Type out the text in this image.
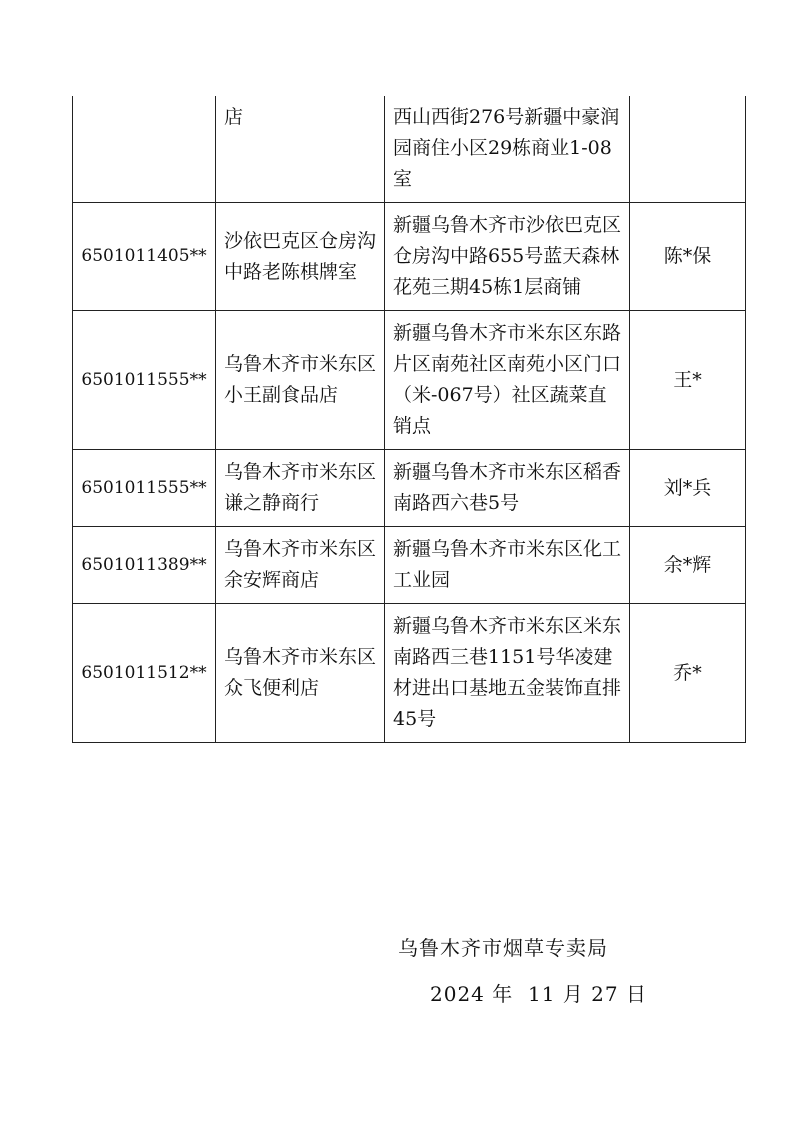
	店	西山西街276号新疆中豪润园商住小区29栋商业1-08室	
6501011405**	沙依巴克区仓房沟中路老陈棋牌室	新疆乌鲁木齐市沙依巴克区仓房沟中路655号蓝天森林花苑三期45栋1层商铺	陈*保
6501011555**	乌鲁木齐市米东区小王副食品店	新疆乌鲁木齐市米东区东路片区南苑社区南苑小区门口（米-067号）社区蔬菜直销点	王*
6501011555**	乌鲁木齐市米东区谦之静商行	新疆乌鲁木齐市米东区稻香南路西六巷5号	刘*兵
6501011389**	乌鲁木齐市米东区余安辉商店	新疆乌鲁木齐市米东区化工工业园	余*辉
6501011512**	乌鲁木齐市米东区众飞便利店	新疆乌鲁木齐市米东区米东南路西三巷1151号华凌建材进出口基地五金装饰直排45号	乔*
乌鲁木齐市烟草专卖局
2024 年  11 月 27 日
